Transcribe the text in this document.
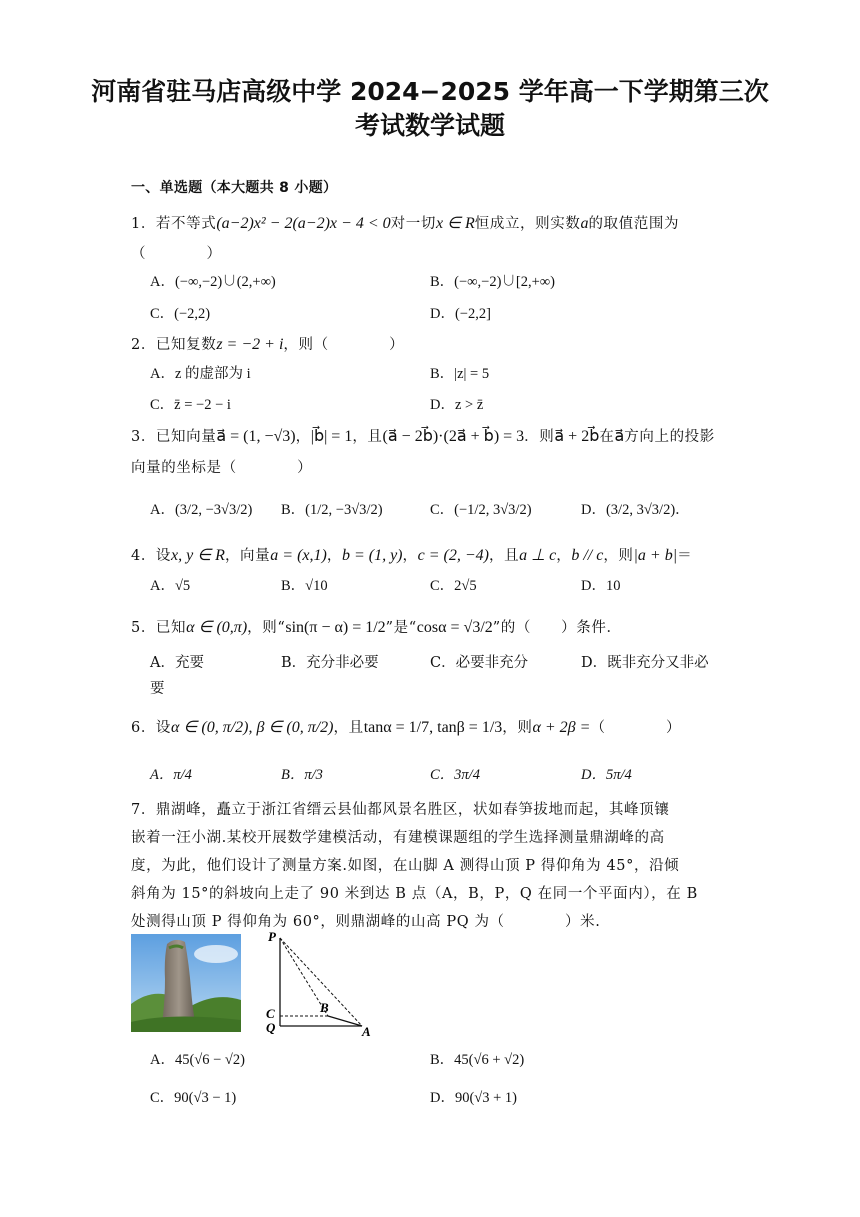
河南省驻马店高级中学 2024−2025 学年高一下学期第三次
考试数学试题
一、单选题（本大题共 8 小题）
1．若不等式(a−2)x² − 2(a−2)x − 4 < 0对一切x ∈ R恒成立，则实数a的取值范围为
（　　　　）
A．(−∞,−2)∪(2,+∞)	B．(−∞,−2)∪[2,+∞)
C．(−2,2)	D．(−2,2]
2．已知复数z = −2 + i，则（　　　　）
A．z 的虚部为 i	B．|z| = 5
C．z̄ = −2 − i	D．z > z̄
3．已知向量a⃗ = (1, −√3)，|b⃗| = 1，且(a⃗ − 2b⃗)·(2a⃗ + b⃗) = 3．则a⃗ + 2b⃗在a⃗方向上的投影
向量的坐标是（　　　　）
A．(3/2, −3√3/2) B．(1/2, −3√3/2)	C．(−1/2, 3√3/2)	D．(3/2, 3√3/2)．
4．设x, y ∈ R，向量a = (x,1)，b = (1, y)，c = (2, −4)，且a ⊥ c，b // c，则|a + b|＝
A．√5	B．√10	C．2√5	D．10
5．已知α ∈ (0,π)，则“sin(π − α) = 1/2”是“cosα = √3/2”的（　　）条件．
A．充要	B．充分非必要	C．必要非充分	D．既非充分又非必
要
6．设α ∈ (0, π/2), β ∈ (0, π/2)，且tanα = 1/7, tanβ = 1/3，则α + 2β =（　　　　）
A．π/4	B．π/3	C．3π/4	D．5π/4
7．鼎湖峰，矗立于浙江省缙云县仙都风景名胜区，状如春笋拔地而起，其峰顶镶
嵌着一汪小湖.某校开展数学建模活动，有建模课题组的学生选择测量鼎湖峰的高
度，为此，他们设计了测量方案.如图，在山脚 A 测得山顶 P 得仰角为 45°，沿倾
斜角为 15°的斜坡向上走了 90 米到达 B 点（A，B，P，Q 在同一个平面内），在 B
处测得山顶 P 得仰角为 60°，则鼎湖峰的山高 PQ 为（　　　　）米.
P
C
Q
B
A
A．45(√6 − √2)	B．45(√6 + √2)
C．90(√3 − 1)	D．90(√3 + 1)
